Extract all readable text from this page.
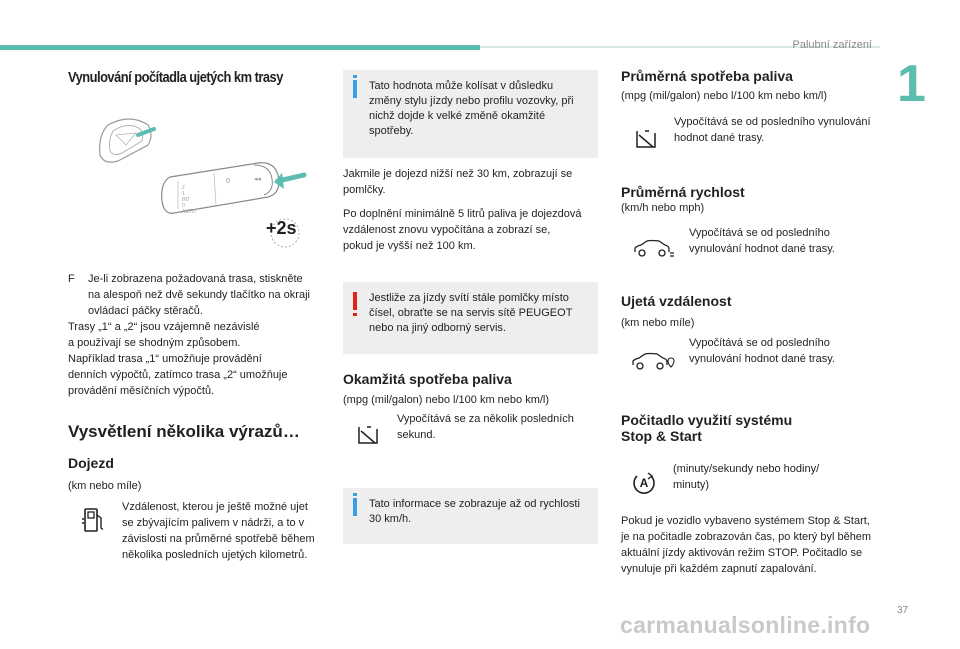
Palubní zařízení
1
37
carmanualsonline.info
Vynulování počítadla ujetých km trasy
2
1
INT
0
AUTO
0	◂◂
+2s
F Je-li zobrazena požadovaná trasa, stiskněte na alespoň než dvě sekundy tlačítko na okraji ovládací páčky stěračů.
Trasy „1“ a „2“ jsou vzájemně nezávislé
a používají se shodným způsobem.
Například trasa „1“ umožňuje provádění
denních výpočtů, zatímco trasa „2“ umožňuje
provádění měsíčních výpočtů.
Vysvětlení několika výrazů…
Dojezd
(km nebo míle)
Vzdálenost, kterou je ještě možné ujet se zbývajícím palivem v nádrži, a to v závislosti na průměrné spotřebě během několika posledních ujetých kilometrů.
Tato hodnota může kolísat v důsledku změny stylu jízdy nebo profilu vozovky, při nichž dojde k velké změně okamžité spotřeby.
Jakmile je dojezd nižší než 30 km, zobrazují se pomlčky.
Po doplnění minimálně 5 litrů paliva je dojezdová vzdálenost znovu vypočítána a zobrazí se, pokud je vyšší než 100 km.
Jestliže za jízdy svítí stále pomlčky místo čísel, obraťte se na servis sítě PEUGEOT nebo na jiný odborný servis.
Okamžitá spotřeba paliva
(mpg (mil/galon) nebo l/100 km nebo km/l)
Vypočítává se za několik posledních sekund.
Tato informace se zobrazuje až od rychlosti 30 km/h.
Průměrná spotřeba paliva
(mpg (mil/galon) nebo l/100 km nebo km/l)
Vypočítává se od posledního vynulování hodnot dané trasy.
Průměrná rychlost
(km/h nebo mph)
Vypočítává se od posledního vynulování hodnot dané trasy.
Ujetá vzdálenost
(km nebo míle)
Vypočítává se od posledního vynulování hodnot dané trasy.
Počitadlo využití systému
Stop & Start
A
(minuty/sekundy nebo hodiny/ minuty)
Pokud je vozidlo vybaveno systémem Stop & Start, je na počitadle zobrazován čas, po který byl během aktuální jízdy aktivován režim STOP. Počitadlo se vynuluje při každém zapnutí zapalování.
